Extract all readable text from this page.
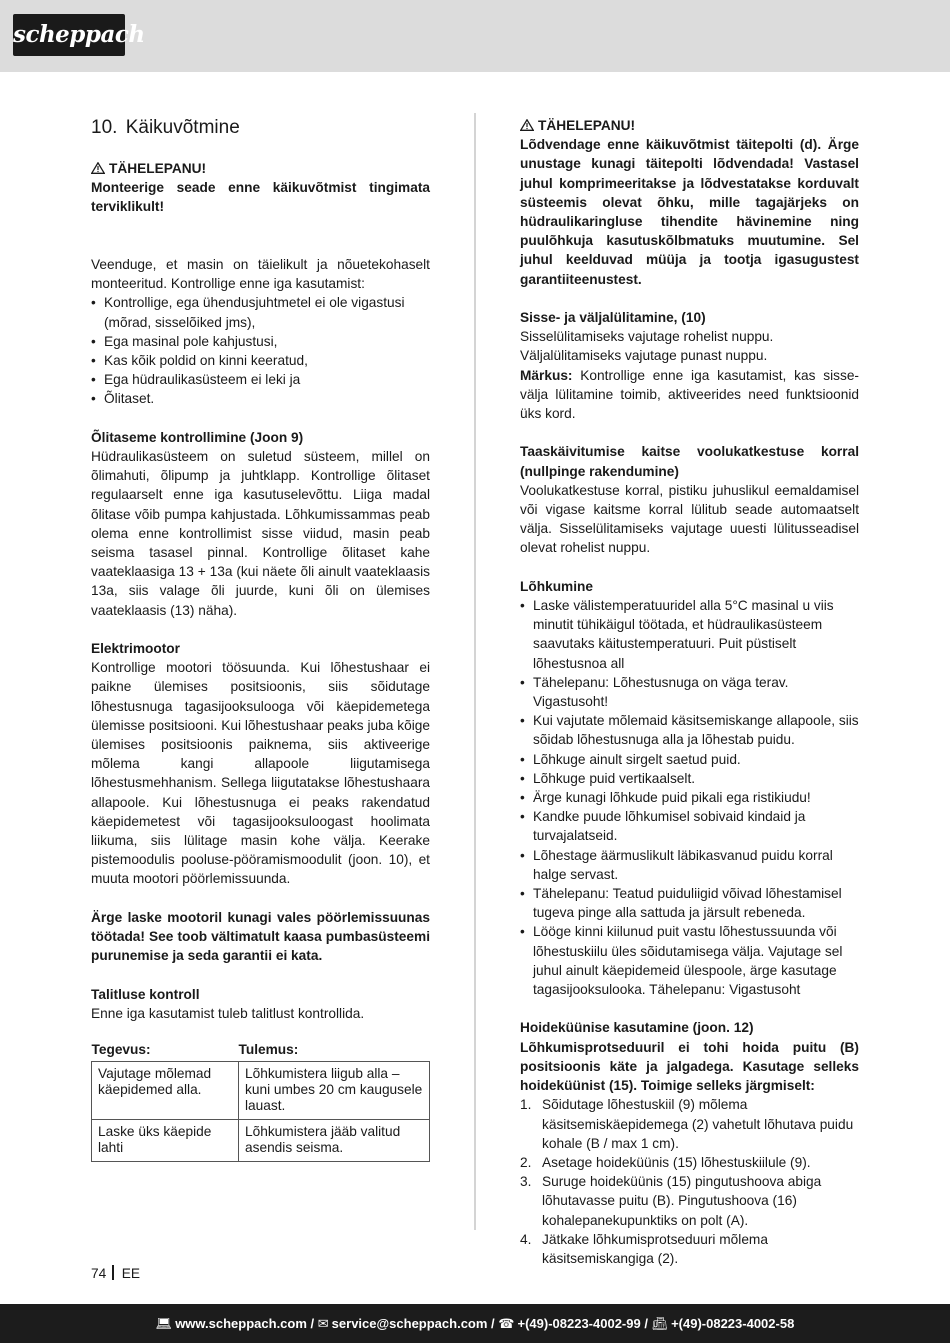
scheppach
10. Käikuvõtmine

TÄHELEPANU!

Monteerige seade enne käikuvõtmist tingimata terviklikult!

Veenduge, et masin on täielikult ja nõuetekohaselt monteeritud. Kontrollige enne iga kasutamist:

• Kontrollige, ega ühendusjuhtmetel ei ole vigastusi (mõrad, sisselõiked jms),
• Ega masinal pole kahjustusi,
• Kas kõik poldid on kinni keeratud,
• Ega hüdraulikasüsteem ei leki ja
• Õlitaset.

Õlitaseme kontrollimine (Joon 9)

Hüdraulikasüsteem on suletud süsteem, millel on õlimahuti, õlipump ja juhtklapp. Kontrollige õlitaset regulaarselt enne iga kasutuselevõttu. Liiga madal õlitase võib pumpa kahjustada. Lõhkumissammas peab olema enne kontrollimist sisse viidud, masin peab seisma tasasel pinnal. Kontrollige õlitaset kahe vaateklaasiga 13 + 13a (kui näete õli ainult vaateklaasis 13a, siis valage õli juurde, kuni õli on ülemises vaateklaasis (13) näha).

Elektrimootor

Kontrollige mootori töösuunda. Kui lõhestushaar ei paikne ülemises positsioonis, siis sõidutage lõhestusnuga tagasijooksulooga või käepidemetega ülemisse positsiooni. Kui lõhestushaar peaks juba kõige ülemises positsioonis paiknema, siis aktiveerige mõlema kangi allapoole liigutamisega lõhestusmehhanism. Sellega liigutatakse lõhestushaara allapoole. Kui lõhestusnuga ei peaks rakendatud käepidemetest või tagasijooksuloogast hoolimata liikuma, siis lülitage masin kohe välja. Keerake pistemoodulis pooluse-pööramismoodulit (joon. 10), et muuta mootori pöörlemissuunda.

Ärge laske mootoril kunagi vales pöörlemissuunas töötada! See toob vältimatult kaasa pumbasüsteemi purunemise ja seda garantii ei kata.

Talitluse kontroll

Enne iga kasutamist tuleb talitlust kontrollida.

Tegevus:	Tulemus:
Vajutage mõlemad käepidemed alla.	Lõhkumistera liigub alla – kuni umbes 20 cm kaugusele lauast.
Laske üks käepide lahti	Lõhkumistera jääb valitud asendis seisma.

TÄHELEPANU!

Lõdvendage enne käikuvõtmist täitepolti (d). Ärge unustage kunagi täitepolti lõdvendada! Vastasel juhul komprimeeritakse ja lõdvestatakse korduvalt süsteemis olevat õhku, mille tagajärjeks on hüdraulikaringluse tihendite hävinemine ning puulõhkuja kasutuskõlbmatuks muutumine. Sel juhul keelduvad müüja ja tootja igasugustest garantiiteenustest.

Sisse- ja väljalülitamine, (10)

Sisselülitamiseks vajutage rohelist nuppu.

Väljalülitamiseks vajutage punast nuppu.

Märkus: Kontrollige enne iga kasutamist, kas sisse-välja lülitamine toimib, aktiveerides need funktsioonid üks kord.

Taaskäivitumise kaitse voolukatkestuse korral (nullpinge rakendumine)

Voolukatkestuse korral, pistiku juhuslikul eemaldamisel või vigase kaitsme korral lülitub seade automaatselt välja. Sisselülitamiseks vajutage uuesti lülitusseadisel olevat rohelist nuppu.

Lõhkumine

• Laske välistemperatuuridel alla 5°C masinal u viis minutit tühikäigul töötada, et hüdraulikasüsteem saavutaks käitustemperatuuri. Puit püstiselt lõhestusnoa all
• Tähelepanu: Lõhestusnuga on väga terav. Vigastusoht!
• Kui vajutate mõlemaid käsitsemiskange allapoole, siis sõidab lõhestusnuga alla ja lõhestab puidu.
• Lõhkuge ainult sirgelt saetud puid.
• Lõhkuge puid vertikaalselt.
• Ärge kunagi lõhkude puid pikali ega ristikiudu!
• Kandke puude lõhkumisel sobivaid kindaid ja turvajalatseid.
• Lõhestage äärmuslikult läbikasvanud puidu korral halge servast.
• Tähelepanu: Teatud puiduliigid võivad lõhestamisel tugeva pinge alla sattuda ja järsult rebeneda.
• Lööge kinni kiilunud puit vastu lõhestussuunda või lõhestuskiilu üles sõidutamisega välja. Vajutage sel juhul ainult käepidemeid ülespoole, ärge kasutage tagasijooksulooka. Tähelepanu: Vigastusoht

Hoideküünise kasutamine (joon. 12)

Lõhkumisprotseduuril ei tohi hoida puitu (B) positsioonis käte ja jalgadega. Kasutage selleks hoideküünist (15). Toimige selleks järgmiselt:

1. Sõidutage lõhestuskiil (9) mõlema käsitsemiskäepidemega (2) vahetult lõhutava puidu kohale (B / max 1 cm).
2. Asetage hoideküünis (15) lõhestuskiilule (9).
3. Suruge hoideküünis (15) pingutushoova abiga lõhutavasse puitu (B). Pingutushoova (16) kohalepanekupunktiks on polt (A).
4. Jätkake lõhkumisprotseduuri mõlema käsitsemiskangiga (2).
74 EE
💻︎ www.scheppach.com / ✉︎ service@scheppach.com / ☎︎ +(49)-08223-4002-99 / 📠︎ +(49)-08223-4002-58
